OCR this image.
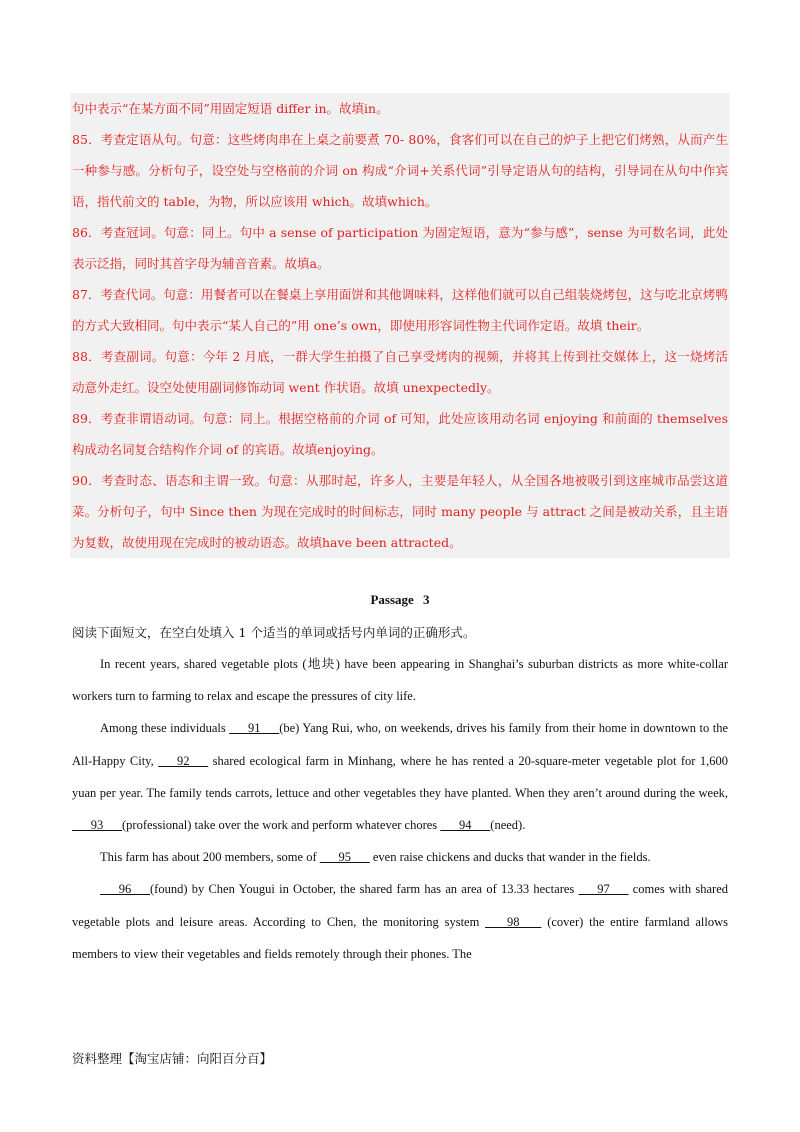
句中表示“在某方面不同”用固定短语 differ in。故填in。

85．考查定语从句。句意：这些烤肉串在上桌之前要煮 70- 80%，食客们可以在自己的炉子上把它们烤熟，从而产生一种参与感。分析句子，设空处与空格前的介词 on 构成“介词+关系代词”引导定语从句的结构，引导词在从句中作宾语，指代前文的 table，为物，所以应该用 which。故填which。

86．考查冠词。句意：同上。句中 a sense of participation 为固定短语，意为“参与感”，sense 为可数名词，此处表示泛指，同时其首字母为辅音音素。故填a。

87．考查代词。句意：用餐者可以在餐桌上享用面饼和其他调味料，这样他们就可以自己组装烧烤包，这与吃北京烤鸭的方式大致相同。句中表示“某人自己的”用 one’s own，即使用形容词性物主代词作定语。故填 their。

88．考查副词。句意：今年 2 月底，一群大学生拍摄了自己享受烤肉的视频，并将其上传到社交媒体上，这一烧烤活动意外走红。设空处使用副词修饰动词 went 作状语。故填 unexpectedly。

89．考查非谓语动词。句意：同上。根据空格前的介词 of 可知，此处应该用动名词 enjoying 和前面的 themselves 构成动名词复合结构作介词 of 的宾语。故填enjoying。

90．考查时态、语态和主谓一致。句意：从那时起，许多人，主要是年轻人，从全国各地被吸引到这座城市品尝这道菜。分析句子，句中 Since then 为现在完成时的时间标志，同时 many people 与 attract 之间是被动关系，且主语为复数，故使用现在完成时的被动语态。故填have been attracted。

Passage 3
阅读下面短文，在空白处填入 1 个适当的单词或括号内单词的正确形式。

In recent years, shared vegetable plots (地块) have been appearing in Shanghai’s suburban districts as more white-collar workers turn to farming to relax and escape the pressures of city life.

Among these individuals       91      (be) Yang Rui, who, on weekends, drives his family from their home in downtown to the All-Happy City,       92       shared ecological farm in Minhang, where he has rented a 20-square-meter vegetable plot for 1,600 yuan per year. The family tends carrots, lettuce and other vegetables they have planted. When they aren’t around during the week,       93      (professional) take over the work and perform whatever chores       94      (need).

This farm has about 200 members, some of       95       even raise chickens and ducks that wander in the fields.

96      (found) by Chen Yougui in October, the shared farm has an area of 13.33 hectares       97       comes with shared vegetable plots and leisure areas. According to Chen, the monitoring system        98        (cover) the entire farmland allows members to view their vegetables and fields remotely through their phones. The

资料整理【淘宝店铺：向阳百分百】
